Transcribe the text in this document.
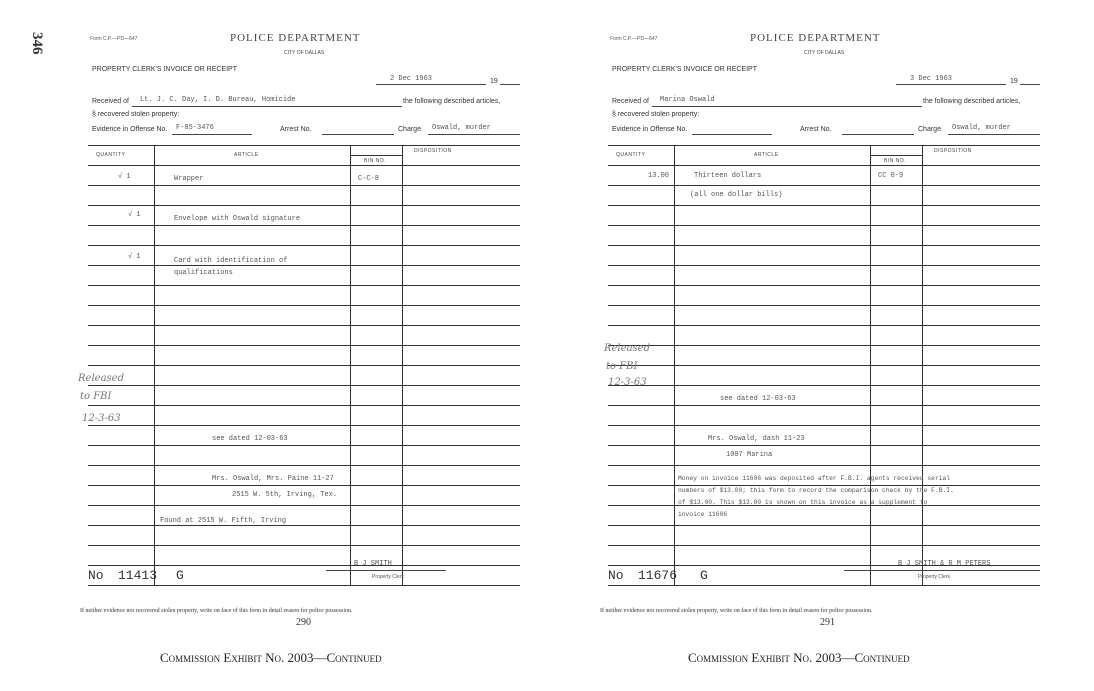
346	Form C.P.—PD—647	POLICE DEPARTMENT
CITY OF DALLAS
PROPERTY CLERK'S INVOICE OR RECEIPT
2 Dec 1963	19
Received of Lt. J. C. Day, I. D. Bureau, Homicide	the following described articles,
§ recovered stolen property:
Evidence in Offense No. F-85-3476	Arrest No.	Charge Oswald, murder
QUANTITY	ARTICLE
BIN NO.
DISPOSITION
√ 1	Wrapper	C-C-8
√ 1	Envelope with Oswald signature
√ 1	Card with identification of
qualifications
Released
to FBI
12-3-63
see dated 12-03-63
Mrs. Oswald, Mrs. Paine 11-27
2515 W. 5th, Irving, Tex.
Found at 2515 W. Fifth, Irving
B J SMITH
Property Clerk
No 11413 G
If neither evidence nor recovered stolen property, write on face of this form in detail reason for police possession.
290
Commission Exhibit No. 2003—Continued
Form C.P.—PD—647	POLICE DEPARTMENT
CITY OF DALLAS
PROPERTY CLERK'S INVOICE OR RECEIPT
3 Dec 1963	19
Received of Marina Oswald	the following described articles,
§ recovered stolen property:
Evidence in Offense No.	Arrest No.	Charge Oswald, murder
QUANTITY	ARTICLE
BIN NO.
DISPOSITION
13.00	Thirteen dollars	CC 0-9
(all one dollar bills)
Released
to FBI
12-3-63
see dated 12-03-63
Mrs. Oswald, dash 11-23
1007 Marina
Money on invoice 11606 was deposited after F.B.I. agents received serial
numbers of $13.00; this form to record the comparison check by the F.B.I.
of $13.00. This $13.00 is shown on this invoice as a supplement to
invoice 11606
B J SMITH & R M PETERS
Property Clerk
No 11676 G
If neither evidence nor recovered stolen property, write on face of this form in detail reason for police possession.
291
Commission Exhibit No. 2003—Continued
